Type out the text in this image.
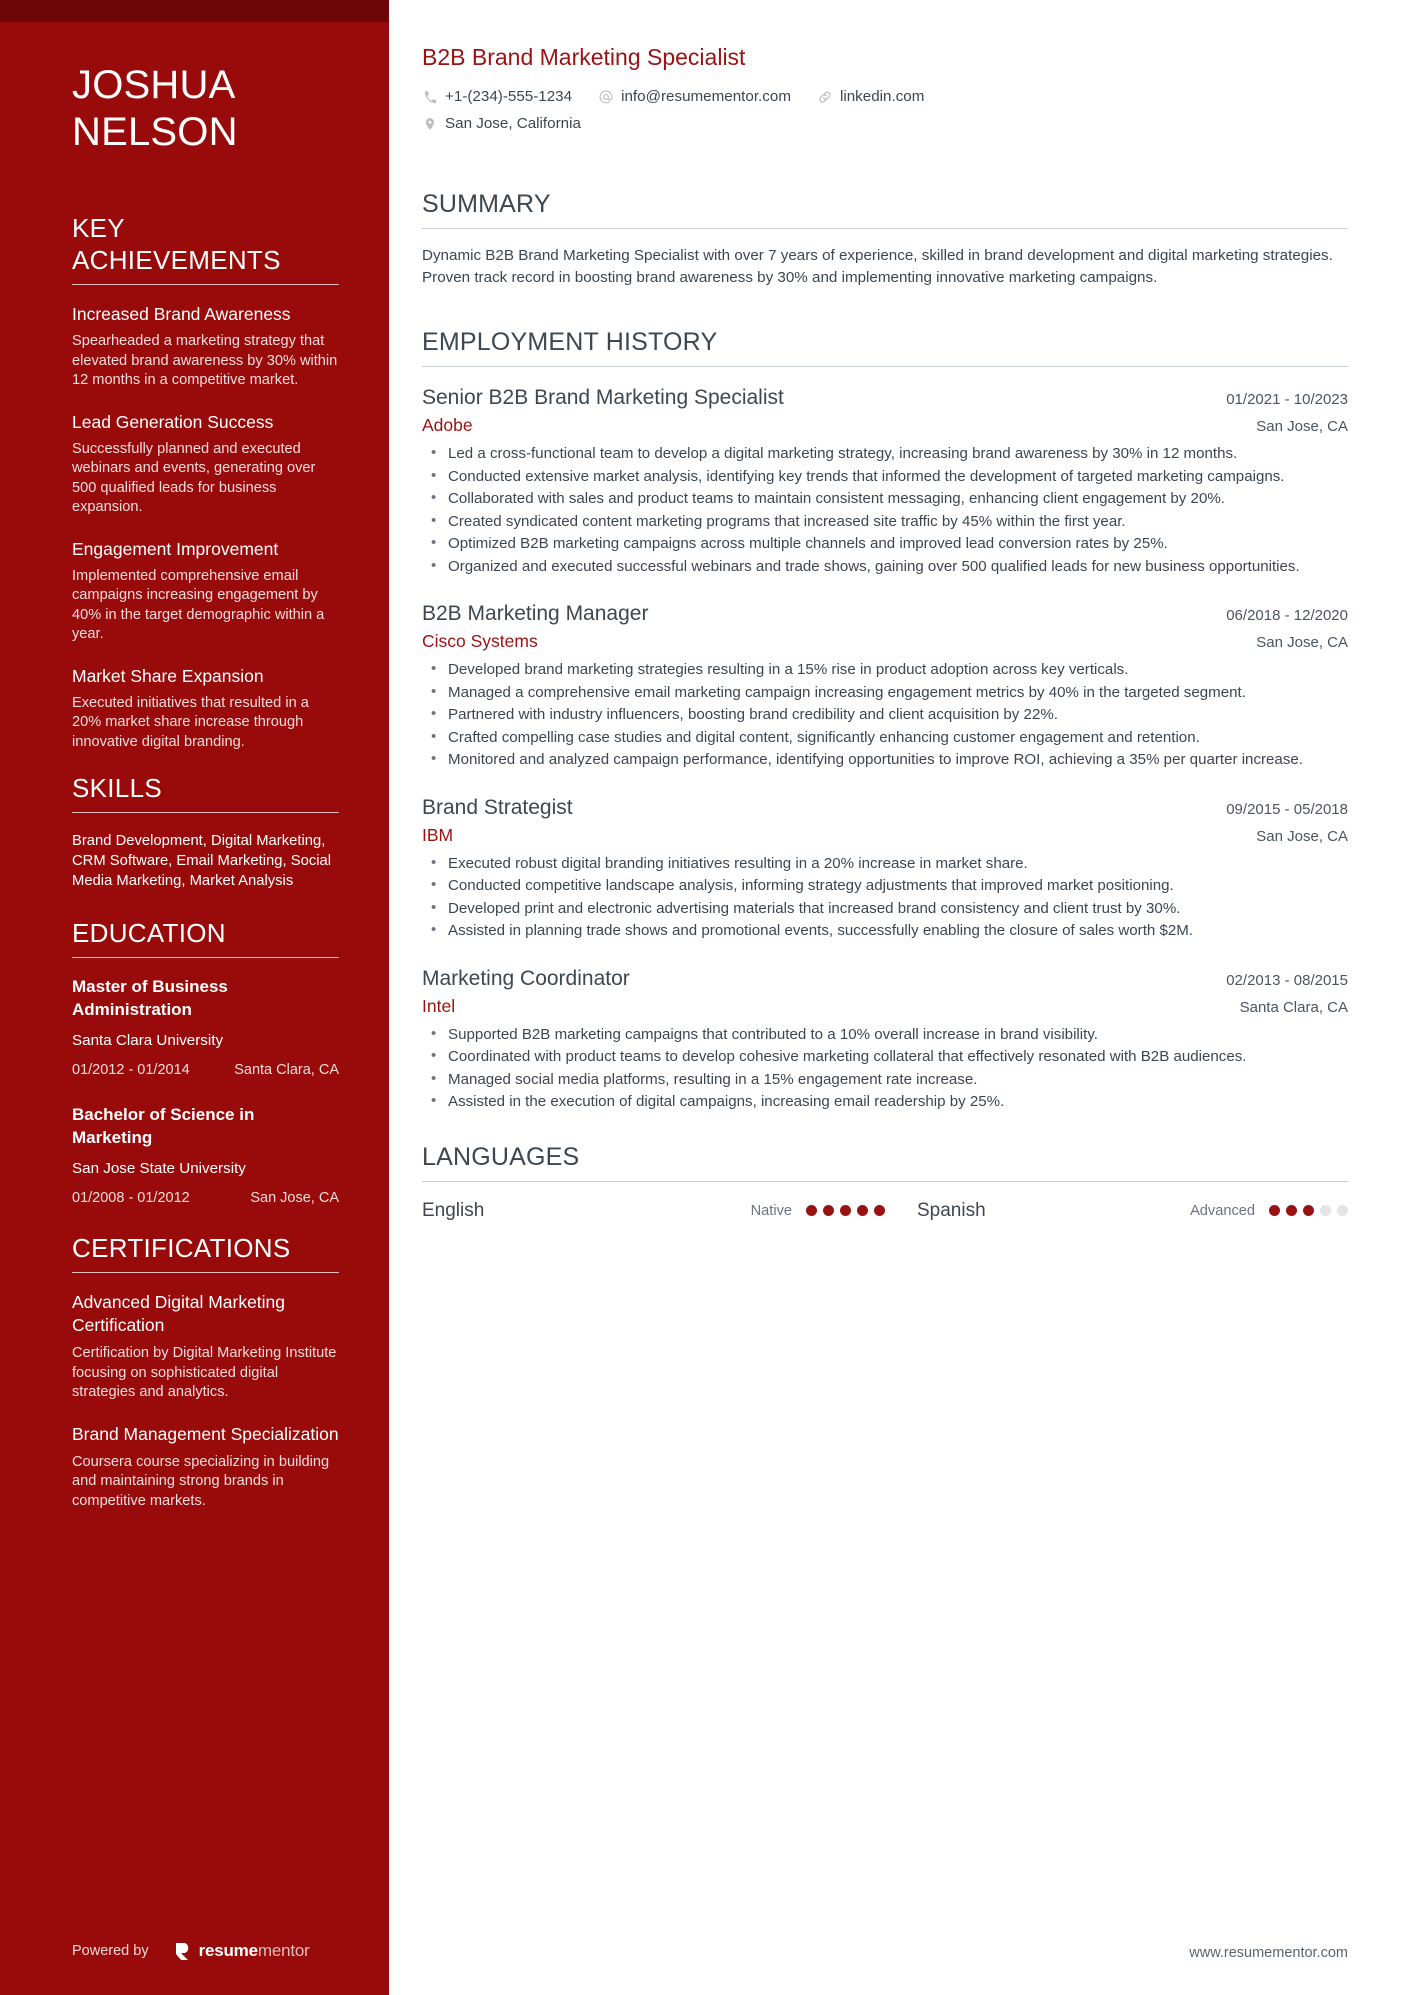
JOSHUA
NELSON
KEY ACHIEVEMENTS
Increased Brand Awareness
Spearheaded a marketing strategy that elevated brand awareness by 30% within 12 months in a competitive market.
Lead Generation Success
Successfully planned and executed webinars and events, generating over 500 qualified leads for business expansion.
Engagement Improvement
Implemented comprehensive email campaigns increasing engagement by 40% in the target demographic within a year.
Market Share Expansion
Executed initiatives that resulted in a 20% market share increase through innovative digital branding.
SKILLS
Brand Development, Digital Marketing, CRM Software, Email Marketing, Social Media Marketing, Market Analysis
EDUCATION
Master of Business Administration
Santa Clara University
01/2012 - 01/2014	Santa Clara, CA
Bachelor of Science in Marketing
San Jose State University
01/2008 - 01/2012	San Jose, CA
CERTIFICATIONS
Advanced Digital Marketing Certification
Certification by Digital Marketing Institute focusing on sophisticated digital strategies and analytics.
Brand Management Specialization
Coursera course specializing in building and maintaining strong brands in competitive markets.
Powered by	resumementor
B2B Brand Marketing Specialist
+1-(234)-555-1234	info@resumementor.com	linkedin.com
San Jose, California
SUMMARY

Dynamic B2B Brand Marketing Specialist with over 7 years of experience, skilled in brand development and digital marketing strategies. Proven track record in boosting brand awareness by 30% and implementing innovative marketing campaigns.

EMPLOYMENT HISTORY
Senior B2B Brand Marketing Specialist	01/2021 - 10/2023
Adobe	San Jose, CA
• Led a cross-functional team to develop a digital marketing strategy, increasing brand awareness by 30% in 12 months.
• Conducted extensive market analysis, identifying key trends that informed the development of targeted marketing campaigns.
• Collaborated with sales and product teams to maintain consistent messaging, enhancing client engagement by 20%.
• Created syndicated content marketing programs that increased site traffic by 45% within the first year.
• Optimized B2B marketing campaigns across multiple channels and improved lead conversion rates by 25%.
• Organized and executed successful webinars and trade shows, gaining over 500 qualified leads for new business opportunities.
B2B Marketing Manager	06/2018 - 12/2020
Cisco Systems	San Jose, CA
• Developed brand marketing strategies resulting in a 15% rise in product adoption across key verticals.
• Managed a comprehensive email marketing campaign increasing engagement metrics by 40% in the targeted segment.
• Partnered with industry influencers, boosting brand credibility and client acquisition by 22%.
• Crafted compelling case studies and digital content, significantly enhancing customer engagement and retention.
• Monitored and analyzed campaign performance, identifying opportunities to improve ROI, achieving a 35% per quarter increase.
Brand Strategist	09/2015 - 05/2018
IBM	San Jose, CA
• Executed robust digital branding initiatives resulting in a 20% increase in market share.
• Conducted competitive landscape analysis, informing strategy adjustments that improved market positioning.
• Developed print and electronic advertising materials that increased brand consistency and client trust by 30%.
• Assisted in planning trade shows and promotional events, successfully enabling the closure of sales worth $2M.
Marketing Coordinator	02/2013 - 08/2015
Intel	Santa Clara, CA
• Supported B2B marketing campaigns that contributed to a 10% overall increase in brand visibility.
• Coordinated with product teams to develop cohesive marketing collateral that effectively resonated with B2B audiences.
• Managed social media platforms, resulting in a 15% engagement rate increase.
• Assisted in the execution of digital campaigns, increasing email readership by 25%.
LANGUAGES
English	Native	Spanish	Advanced
www.resumementor.com
